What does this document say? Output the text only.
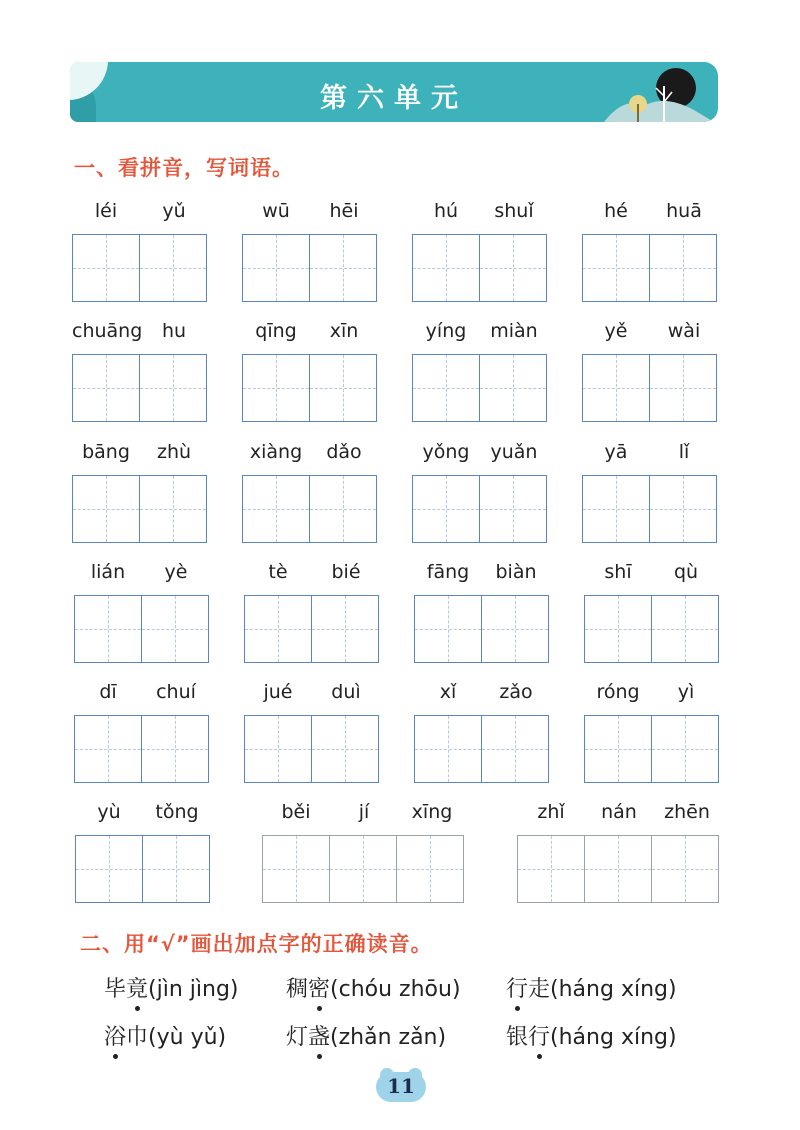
第六单元
一、看拼音，写词语。
léi	yǔ	wū	hēi	hú	shuǐ	hé	huā
chuāng	hu	qīng	xīn	yíng	miàn	yě	wài
bāng	zhù	xiàng	dǎo	yǒng	yuǎn	yā	lǐ
lián	yè	tè	bié	fāng	biàn	shī	qù
dī	chuí	jué	duì	xǐ	zǎo	róng	yì
yù	tǒng	běi	jí	xīng	zhǐ	nán	zhēn
二、用“√”画出加点字的正确读音。
毕竟(jìn jìng) 稠密(chóu zhōu) 行走(háng xíng)
浴巾(yù yǔ)	灯盏(zhǎn zǎn)	银行(háng xíng)
11
